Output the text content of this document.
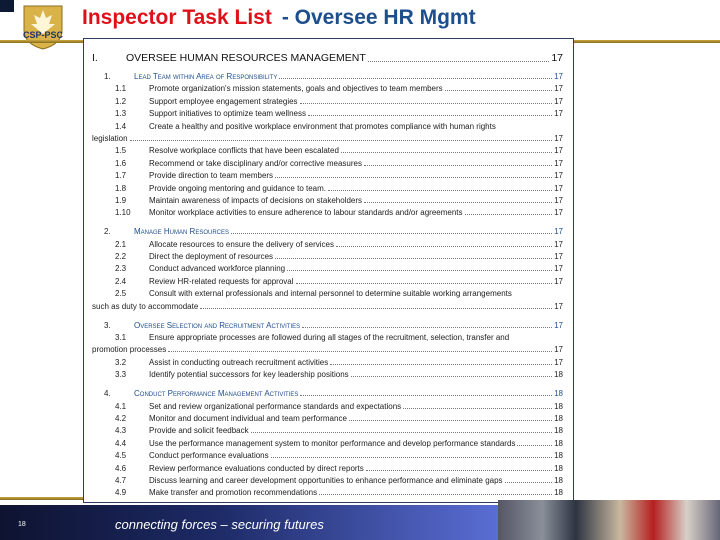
CSP-PSC
Inspector Task List - Oversee HR Mgmt
I.	OVERSEE HUMAN RESOURCES MANAGEMENT	17
1.	Lead Team within Area of Responsibility	17
1.1	Promote organization's mission statements, goals and objectives to team members	17
1.2	Support employee engagement strategies	17
1.3	Support initiatives to optimize team wellness	17
1.4	Create a healthy and positive workplace environment that promotes compliance with human rights
legislation	17
1.5	Resolve workplace conflicts that have been escalated	17
1.6	Recommend or take disciplinary and/or corrective measures	17
1.7	Provide direction to team members	17
1.8	Provide ongoing mentoring and guidance to team.	17
1.9	Maintain awareness of impacts of decisions on stakeholders	17
1.10	Monitor workplace activities to ensure adherence to labour standards and/or agreements	17
2.	Manage Human Resources	17
2.1	Allocate resources to ensure the delivery of services	17
2.2	Direct the deployment of resources	17
2.3	Conduct advanced workforce planning	17
2.4	Review HR-related requests for approval	17
2.5	Consult with external professionals and internal personnel to determine suitable working arrangements
such as duty to accommodate	17
3.	Oversee Selection and Recruitment Activities	17
3.1	Ensure appropriate processes are followed during all stages of the recruitment, selection, transfer and
promotion processes	17
3.2	Assist in conducting outreach recruitment activities	17
3.3	Identify potential successors for key leadership positions	18
4.	Conduct Performance Management Activities	18
4.1	Set and review organizational performance standards and expectations	18
4.2	Monitor and document individual and team performance	18
4.3	Provide and solicit feedback	18
4.4	Use the performance management system to monitor performance and develop performance standards	18
4.5	Conduct performance evaluations	18
4.6	Review performance evaluations conducted by direct reports	18
4.7	Discuss learning and career development opportunities to enhance performance and eliminate gaps	18
4.9	Make transfer and promotion recommendations	18
18	connecting forces – securing futures
